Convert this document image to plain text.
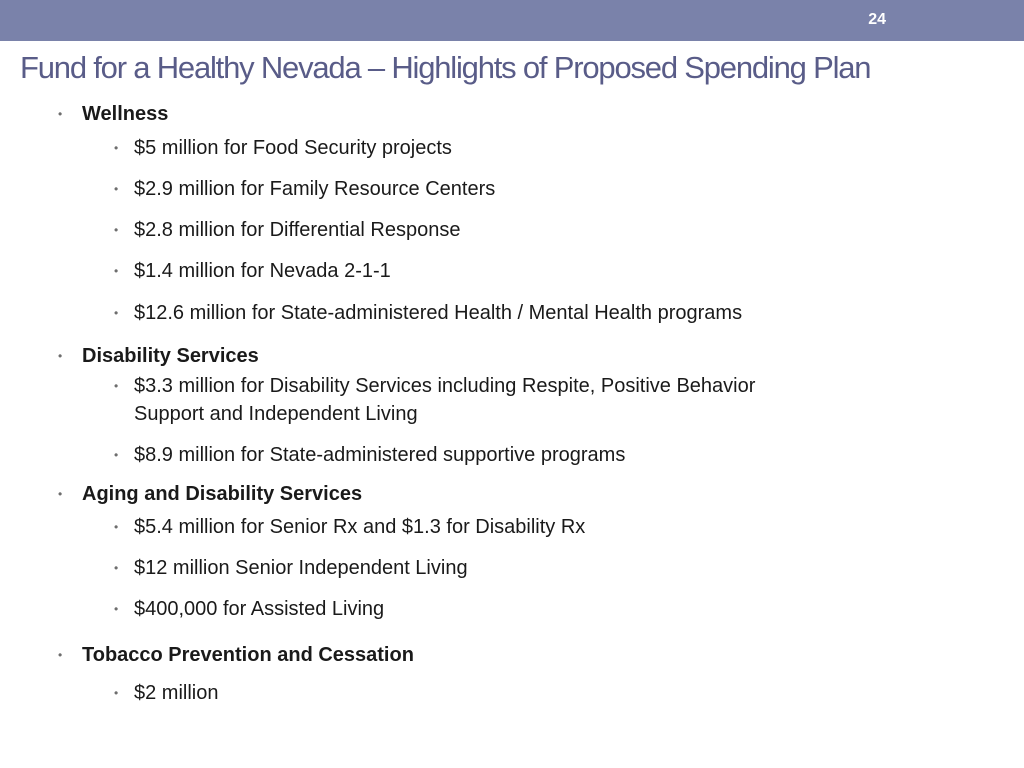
24
Fund for a Healthy Nevada – Highlights of Proposed Spending Plan
• Wellness
• $5 million for Food Security projects
• $2.9 million for Family Resource Centers
• $2.8 million for Differential Response
• $1.4 million for Nevada 2-1-1
• $12.6 million for State-administered Health / Mental Health programs
• Disability Services
• $3.3 million for Disability Services including Respite, Positive Behavior
Support and Independent Living
• $8.9 million for State-administered supportive programs
• Aging and Disability Services
• $5.4 million for Senior Rx and $1.3 for Disability Rx
• $12 million Senior Independent Living
• $400,000 for Assisted Living
• Tobacco Prevention and Cessation
• $2 million
